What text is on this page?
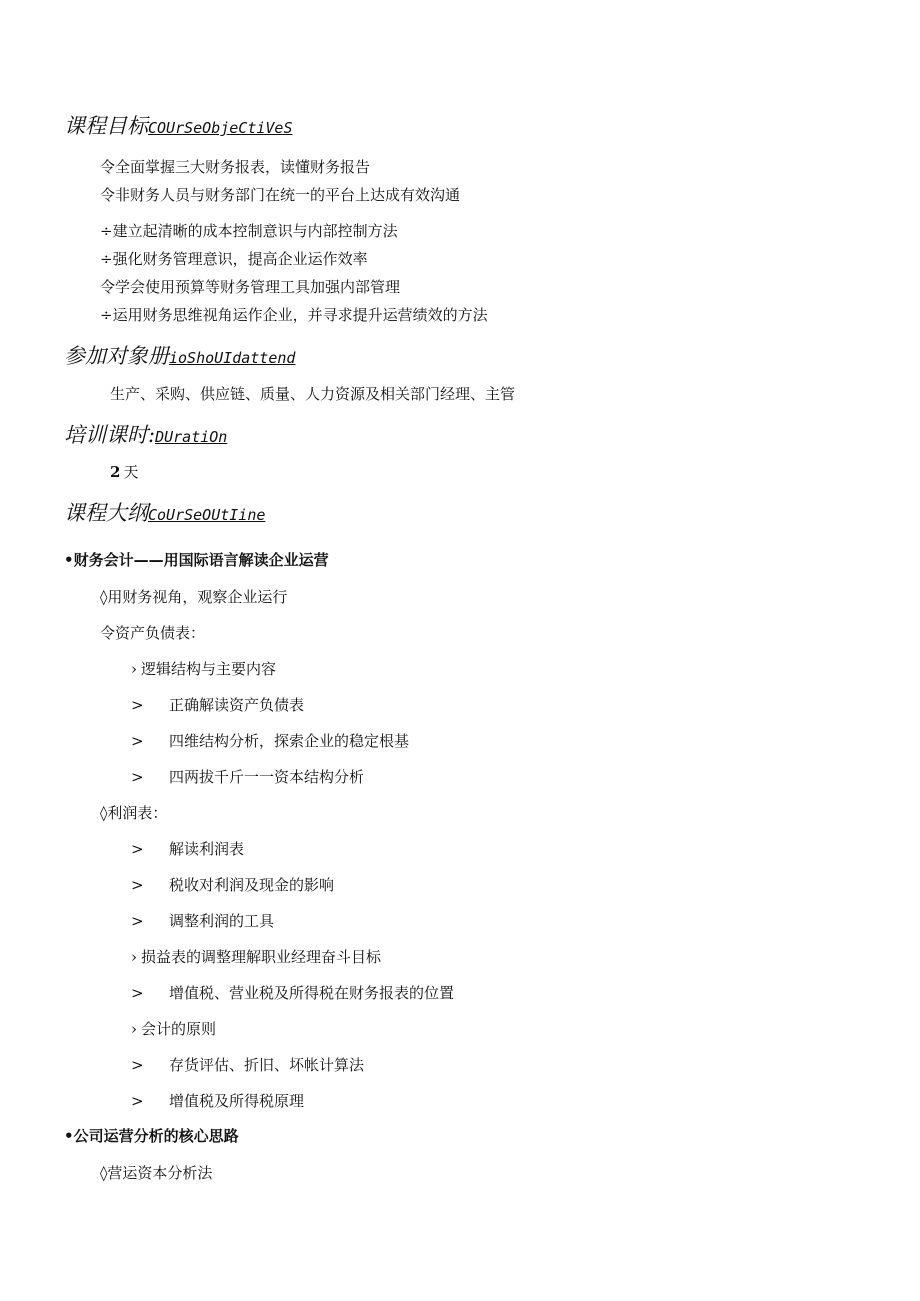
课程目标COUrSeObjeCtiVeS
令全面掌握三大财务报表，读懂财务报告
令非财务人员与财务部门在统一的平台上达成有效沟通
÷建立起清晰的成本控制意识与内部控制方法
÷强化财务管理意识，提高企业运作效率
令学会使用预算等财务管理工具加强内部管理
÷运用财务思维视角运作企业，并寻求提升运营绩效的方法
参加对象册ioShoUIdattend
生产、采购、供应链、质量、人力资源及相关部门经理、主管
培训课时:DUratiOn
2 天
课程大纲CoUrSeOUtIine
•财务会计——用国际语言解读企业运营
◊用财务视角，观察企业运行
令资产负债表：
› 逻辑结构与主要内容
> 正确解读资产负债表
> 四维结构分析，探索企业的稳定根基
> 四两拔千斤一一资本结构分析
◊利润表：
> 解读利润表
> 税收对利润及现金的影响
> 调整利润的工具
› 损益表的调整理解职业经理奋斗目标
> 增值税、营业税及所得税在财务报表的位置
› 会计的原则
> 存货评估、折旧、坏帐计算法
> 增值税及所得税原理
•公司运营分析的核心思路
◊营运资本分析法
